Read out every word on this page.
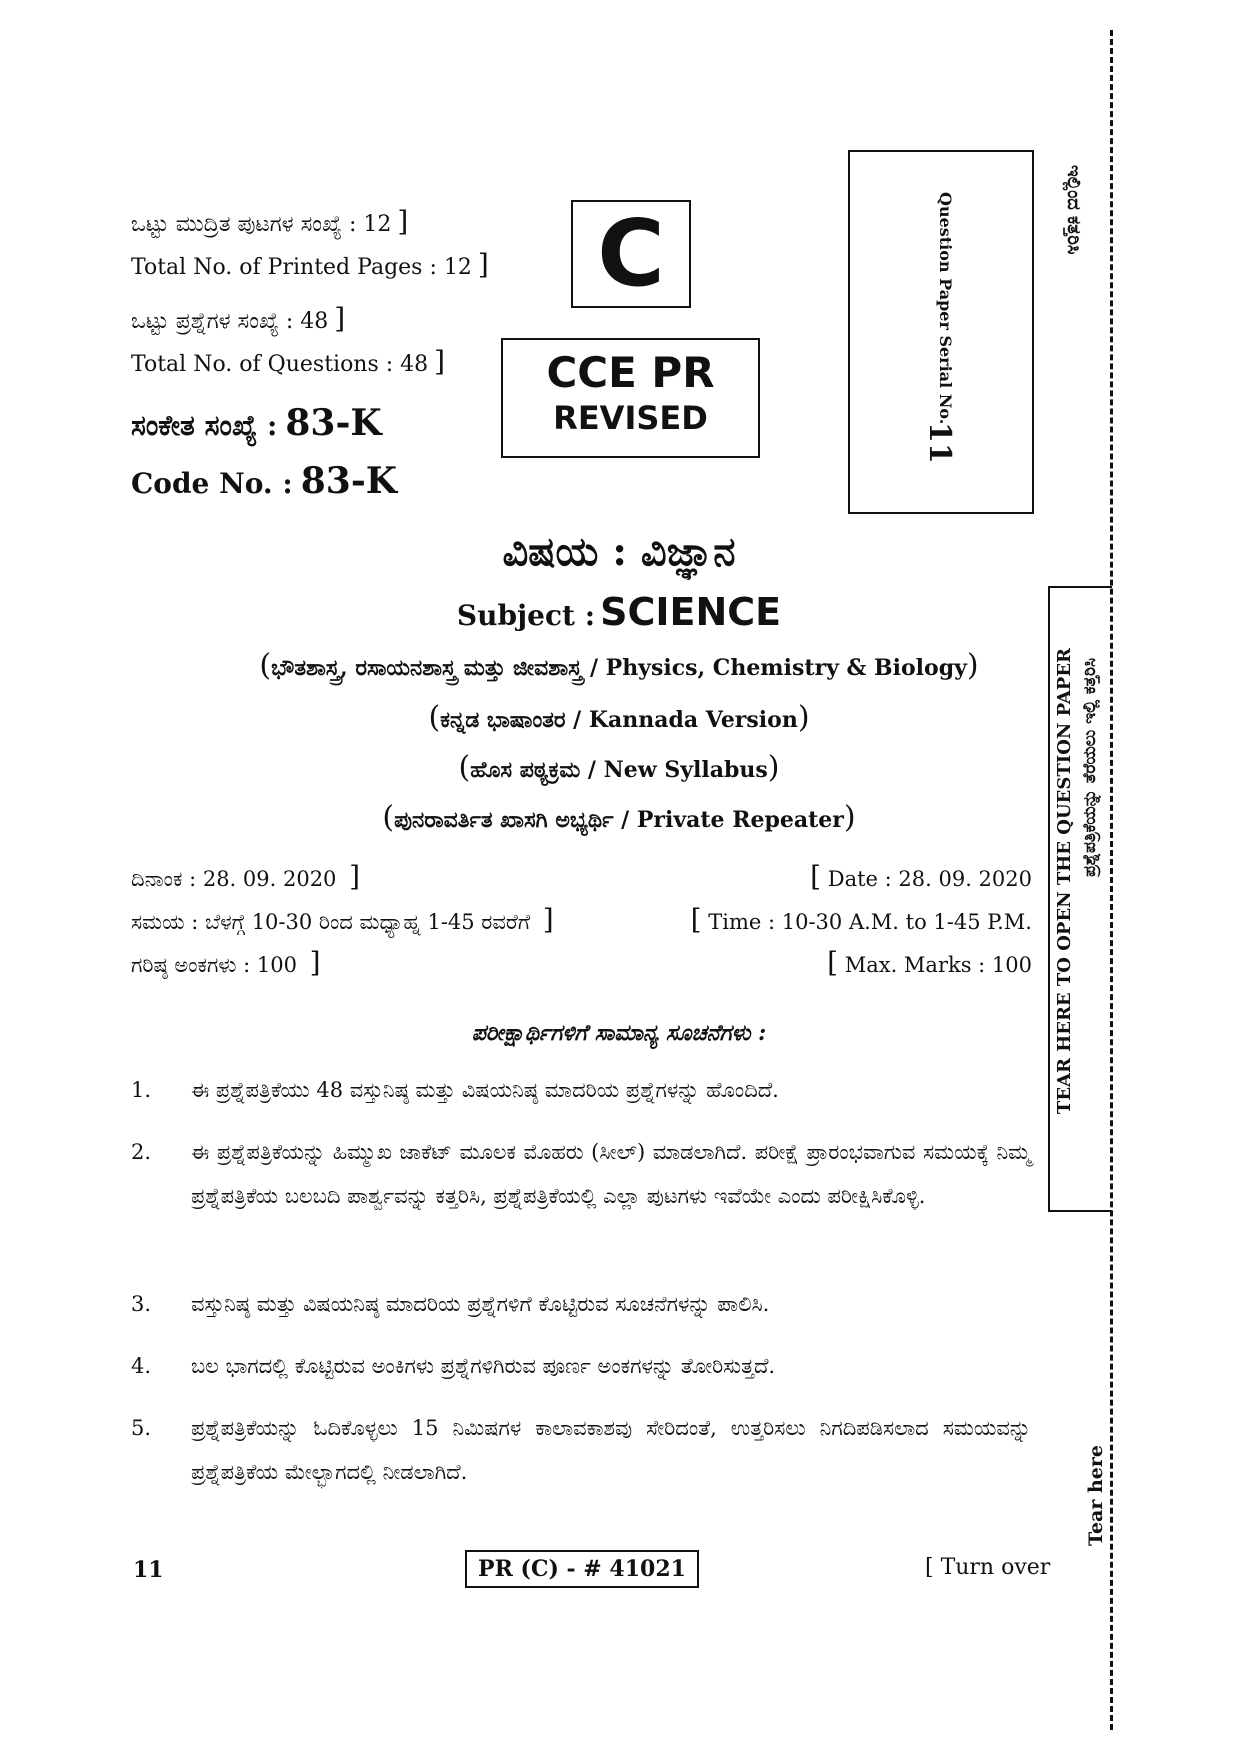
ಒಟ್ಟು ಮುದ್ರಿತ ಪುಟಗಳ ಸಂಖ್ಯೆ : 12 ]
Total No. of Printed Pages : 12 ]
ಒಟ್ಟು ಪ್ರಶ್ನೆಗಳ ಸಂಖ್ಯೆ : 48 ]
Total No. of Questions : 48 ]
ಸಂಕೇತ ಸಂಖ್ಯೆ : 83-K
Code No. : 83-K
C
CCE PR
REVISED	Question Paper Serial No.
11
ಇಲ್ಲಿಂದ ಕತ್ತರಿಸಿ
TEAR HERE TO OPEN THE QUESTION PAPER ಪ್ರಶ್ನೆಪತ್ರಿಕೆಯನ್ನು ತೆರೆಯಲು ಇಲ್ಲಿ ಕತ್ತರಿಸಿ
Tear here
ವಿಷಯ : ವಿಜ್ಞಾನ
Subject : SCIENCE
(ಭೌತಶಾಸ್ತ್ರ, ರಸಾಯನಶಾಸ್ತ್ರ ಮತ್ತು ಜೀವಶಾಸ್ತ್ರ / Physics, Chemistry & Biology)
(ಕನ್ನಡ ಭಾಷಾಂತರ / Kannada Version)
(ಹೊಸ ಪಠ್ಯಕ್ರಮ / New Syllabus)
(ಪುನರಾವರ್ತಿತ ಖಾಸಗಿ ಅಭ್ಯರ್ಥಿ / Private Repeater)
ದಿನಾಂಕ : 28. 09. 2020 ]	[ Date : 28. 09. 2020
ಸಮಯ : ಬೆಳಗ್ಗೆ 10-30 ರಿಂದ ಮಧ್ಯಾಹ್ನ 1-45 ರವರೆಗೆ ]	[ Time : 10-30 A.M. to 1-45 P.M.
ಗರಿಷ್ಠ ಅಂಕಗಳು : 100 ]	[ Max. Marks : 100
ಪರೀಕ್ಷಾರ್ಥಿಗಳಿಗೆ ಸಾಮಾನ್ಯ ಸೂಚನೆಗಳು :
1. ಈ ಪ್ರಶ್ನೆಪತ್ರಿಕೆಯು 48 ವಸ್ತುನಿಷ್ಠ ಮತ್ತು ವಿಷಯನಿಷ್ಠ ಮಾದರಿಯ ಪ್ರಶ್ನೆಗಳನ್ನು ಹೊಂದಿದೆ.
2. ಈ ಪ್ರಶ್ನೆಪತ್ರಿಕೆಯನ್ನು ಹಿಮ್ಮುಖ ಜಾಕೆಟ್ ಮೂಲಕ ಮೊಹರು (ಸೀಲ್) ಮಾಡಲಾಗಿದೆ. ಪರೀಕ್ಷೆ ಪ್ರಾರಂಭವಾಗುವ ಸಮಯಕ್ಕೆ ನಿಮ್ಮ ಪ್ರಶ್ನೆಪತ್ರಿಕೆಯ ಬಲಬದಿ ಪಾರ್ಶ್ವವನ್ನು ಕತ್ತರಿಸಿ, ಪ್ರಶ್ನೆಪತ್ರಿಕೆಯಲ್ಲಿ ಎಲ್ಲಾ ಪುಟಗಳು ಇವೆಯೇ ಎಂದು ಪರೀಕ್ಷಿಸಿಕೊಳ್ಳಿ.
3. ವಸ್ತುನಿಷ್ಠ ಮತ್ತು ವಿಷಯನಿಷ್ಠ ಮಾದರಿಯ ಪ್ರಶ್ನೆಗಳಿಗೆ ಕೊಟ್ಟಿರುವ ಸೂಚನೆಗಳನ್ನು ಪಾಲಿಸಿ.
4. ಬಲ ಭಾಗದಲ್ಲಿ ಕೊಟ್ಟಿರುವ ಅಂಕಿಗಳು ಪ್ರಶ್ನೆಗಳಿಗಿರುವ ಪೂರ್ಣ ಅಂಕಗಳನ್ನು ತೋರಿಸುತ್ತದೆ.
5. ಪ್ರಶ್ನೆಪತ್ರಿಕೆಯನ್ನು ಓದಿಕೊಳ್ಳಲು 15 ನಿಮಿಷಗಳ ಕಾಲಾವಕಾಶವು ಸೇರಿದಂತೆ, ಉತ್ತರಿಸಲು ನಿಗದಿಪಡಿಸಲಾದ ಸಮಯವನ್ನು ಪ್ರಶ್ನೆಪತ್ರಿಕೆಯ ಮೇಲ್ಭಾಗದಲ್ಲಿ ನೀಡಲಾಗಿದೆ.
11	PR (C) - # 41021	[ Turn over
